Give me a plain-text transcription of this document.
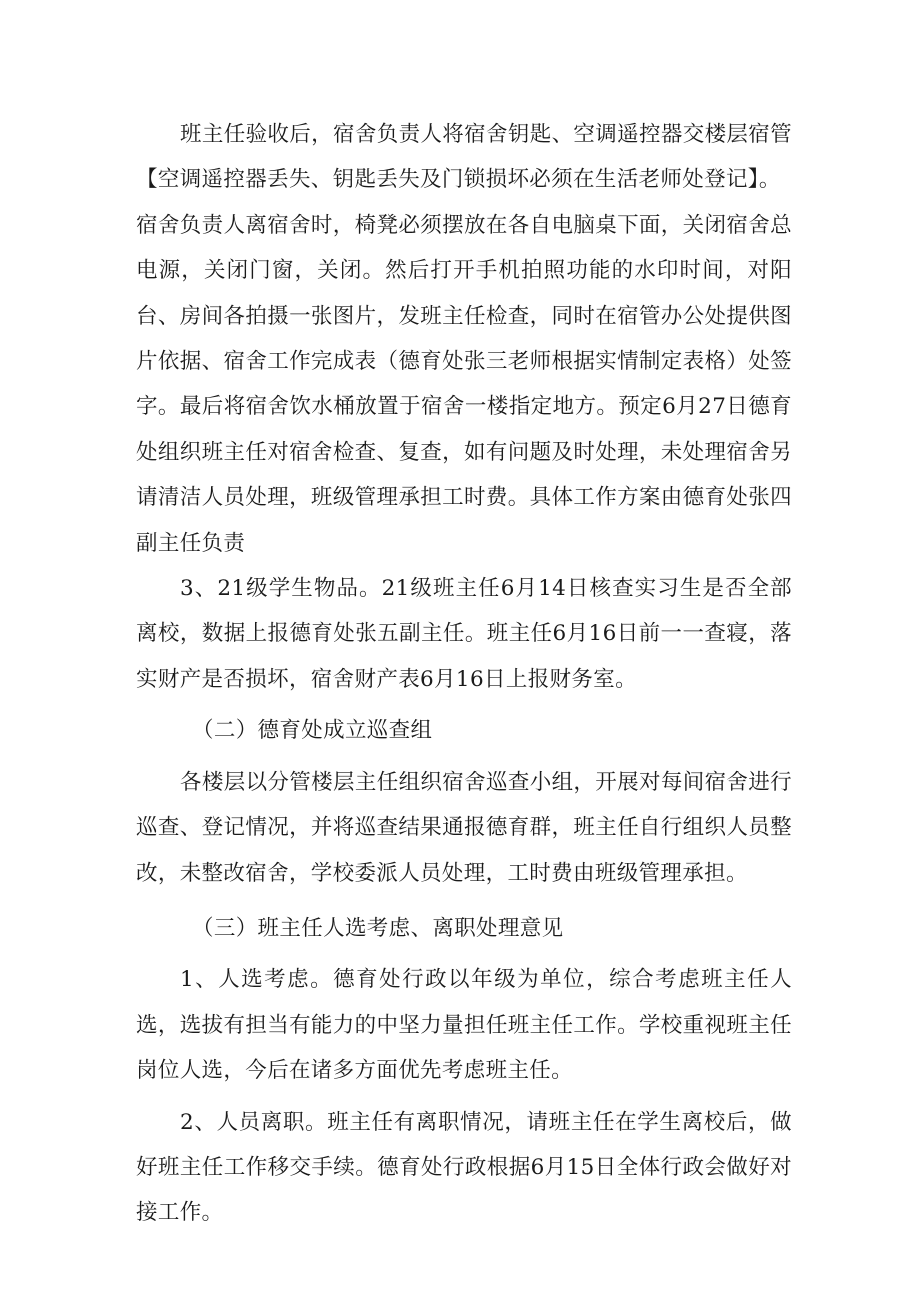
班主任验收后，宿舍负责人将宿舍钥匙、空调遥控器交楼层宿管【空调遥控器丢失、钥匙丢失及门锁损坏必须在生活老师处登记】。

宿舍负责人离宿舍时，椅凳必须摆放在各自电脑桌下面，关闭宿舍总电源，关闭门窗，关闭。然后打开手机拍照功能的水印时间，对阳台、房间各拍摄一张图片，发班主任检查，同时在宿管办公处提供图片依据、宿舍工作完成表（德育处张三老师根据实情制定表格）处签字。最后将宿舍饮水桶放置于宿舍一楼指定地方。预定6月27日德育处组织班主任对宿舍检查、复查，如有问题及时处理，未处理宿舍另请清洁人员处理，班级管理承担工时费。具体工作方案由德育处张四副主任负责

3、21级学生物品。21级班主任6月14日核查实习生是否全部离校，数据上报德育处张五副主任。班主任6月16日前一一查寝，落实财产是否损坏，宿舍财产表6月16日上报财务室。

（二）德育处成立巡查组

各楼层以分管楼层主任组织宿舍巡查小组，开展对每间宿舍进行巡查、登记情况，并将巡查结果通报德育群，班主任自行组织人员整改，未整改宿舍，学校委派人员处理，工时费由班级管理承担。

（三）班主任人选考虑、离职处理意见

1、人选考虑。德育处行政以年级为单位，综合考虑班主任人选，选拔有担当有能力的中坚力量担任班主任工作。学校重视班主任岗位人选，今后在诸多方面优先考虑班主任。

2、人员离职。班主任有离职情况，请班主任在学生离校后，做好班主任工作移交手续。德育处行政根据6月15日全体行政会做好对接工作。
